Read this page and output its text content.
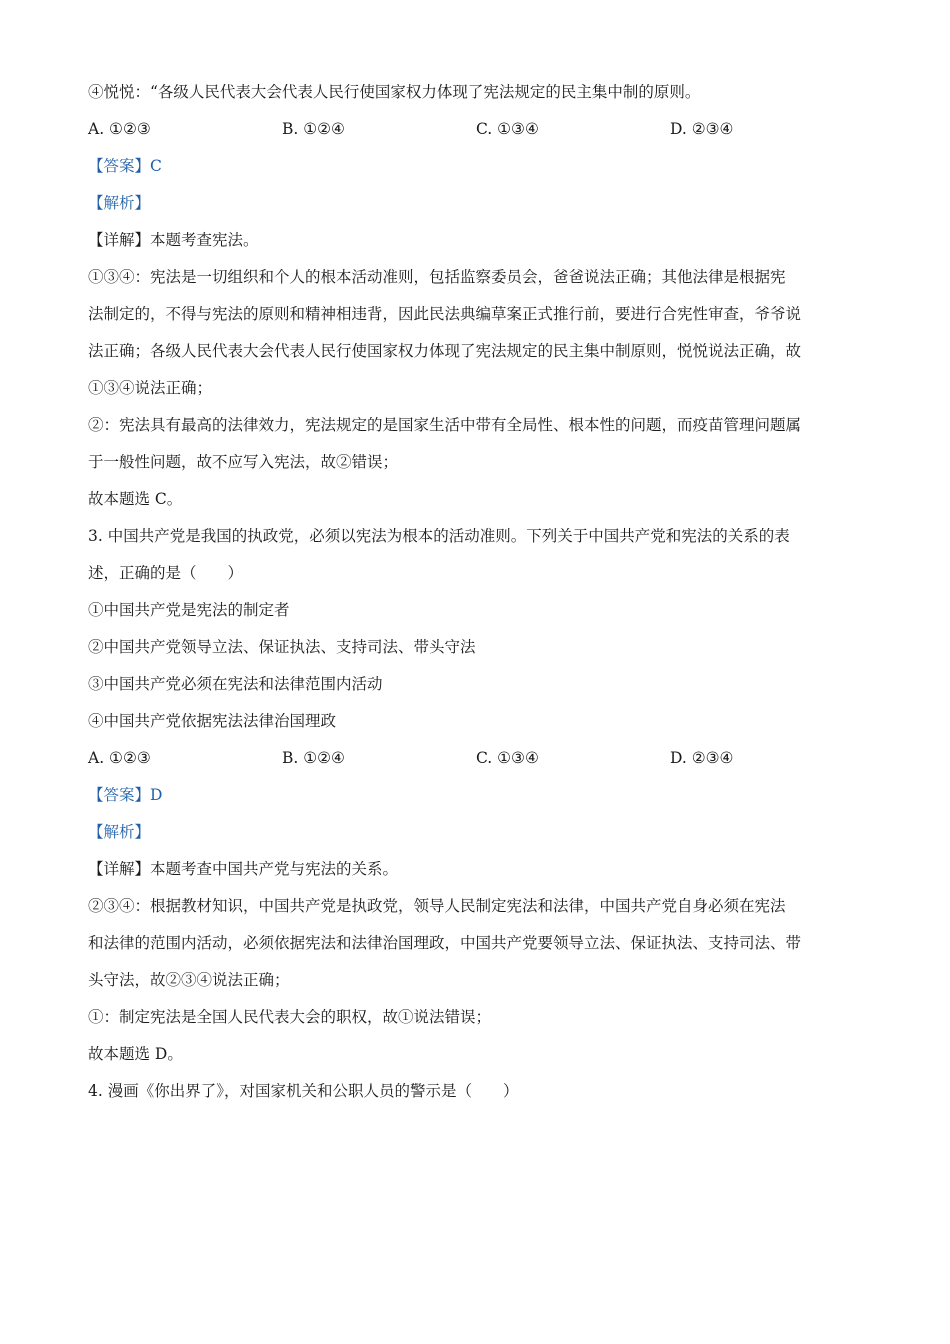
④悦悦：“各级人民代表大会代表人民行使国家权力体现了宪法规定的民主集中制的原则。
A. ①②③	B. ①②④	C. ①③④	D. ②③④
【答案】C
【解析】
【详解】本题考查宪法。
①③④：宪法是一切组织和个人的根本活动准则，包括监察委员会，爸爸说法正确；其他法律是根据宪
法制定的，不得与宪法的原则和精神相违背，因此民法典编草案正式推行前，要进行合宪性审查，爷爷说
法正确；各级人民代表大会代表人民行使国家权力体现了宪法规定的民主集中制原则，悦悦说法正确，故
①③④说法正确；
②：宪法具有最高的法律效力，宪法规定的是国家生活中带有全局性、根本性的问题，而疫苗管理问题属
于一般性问题，故不应写入宪法，故②错误；
故本题选 C。
3. 中国共产党是我国的执政党，必须以宪法为根本的活动准则。下列关于中国共产党和宪法的关系的表
述，正确的是（　　）
①中国共产党是宪法的制定者
②中国共产党领导立法、保证执法、支持司法、带头守法
③中国共产党必须在宪法和法律范围内活动
④中国共产党依据宪法法律治国理政
A. ①②③	B. ①②④	C. ①③④	D. ②③④
【答案】D
【解析】
【详解】本题考查中国共产党与宪法的关系。
②③④：根据教材知识，中国共产党是执政党，领导人民制定宪法和法律，中国共产党自身必须在宪法
和法律的范围内活动，必须依据宪法和法律治国理政，中国共产党要领导立法、保证执法、支持司法、带
头守法，故②③④说法正确；
①：制定宪法是全国人民代表大会的职权，故①说法错误；
故本题选 D。
4. 漫画《你出界了》，对国家机关和公职人员的警示是（　　）
